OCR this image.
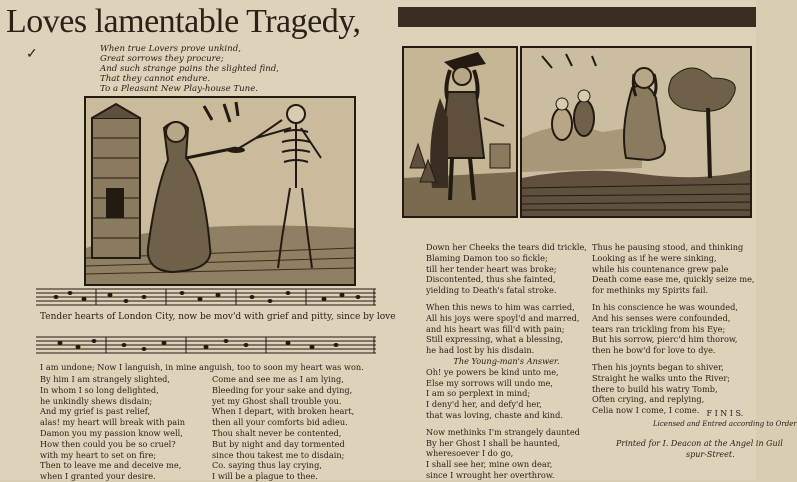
Loves lamentable Tragedy,
✓	When true Lovers prove unkind,
Great sorrows they procure;
And such strange pains the slighted find,
That they cannot endure.
To a Pleasant New Play-house Tune.
Tender hearts of London City, now be mov'd with grief and pitty, since by love
I am undone; Now I languish, in mine anguish, too to soon my heart was won.
By him I am strangely slighted,
In whom I so long delighted,
he unkindly shews disdain;
And my grief is past relief,
alas! my heart will break with pain
Damon you my passion know well,
How then could you be so cruel?
with my heart to set on fire;
Then to leave me and deceive me,
when I granted your desire.
Come and see me as I am lying,
Bleeding for your sake and dying,
yet my Ghost shall trouble you.
When I depart, with broken heart,
then all your comforts bid adieu.
Thou shalt never be contented,
But by night and day tormented
since thou takest me to disdain;
Co. saying thus lay crying,
I will be a plague to thee.
Down her Cheeks the tears did trickle,
Blaming Damon too so fickle;
till her tender heart was broke;
Discontented, thus she fainted,
yielding to Death's fatal stroke.
When this news to him was carried,
All his joys were spoyl'd and marred,
and his heart was fill'd with pain;
Still expressing, what a blessing,
he had lost by his disdain.
The Young-man's Answer.
Oh! ye powers be kind unto me,
Else my sorrows will undo me,
I am so perplext in mind;
I deny'd her, and defy'd her,
that was loving, chaste and kind.
Now methinks I'm strangely daunted
By her Ghost I shall be haunted,
wheresoever I do go,
I shall see her, mine own dear,
since I wrought her overthrow.
Thus he pausing stood, and thinking
Looking as if he were sinking,
while his countenance grew pale
Death come ease me, quickly seize me,
for methinks my Spirits fail.
In his conscience he was wounded,
And his senses were confounded,
tears ran trickling from his Eye;
But his sorrow, pierc'd him thorow,
then he bow'd for love to dye.
Then his joynts began to shiver,
Straight he walks unto the River;
there to build his watry Tomb,
Often crying, and replying,
Celia now I come, I come. F I N I S.
Licensed and Entred according to Order
Printed for I. Deacon at the Angel in Guil
spur-Street.
